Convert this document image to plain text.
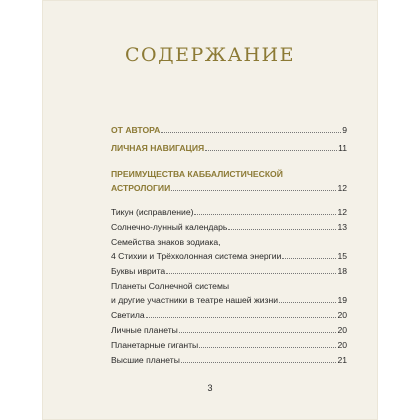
СОДЕРЖАНИЕ
ОТ АВТОРА	9
ЛИЧНАЯ НАВИГАЦИЯ	11
ПРЕИМУЩЕСТВА КАББАЛИСТИЧЕСКОЙ
АСТРОЛОГИИ	12
Тикун (исправление)	12
Солнечно-лунный календарь	13
Семейства знаков зодиака,
4 Стихии и Трёхколонная система энергии	15
Буквы иврита	18
Планеты Солнечной системы
и другие участники в театре нашей жизни	19
Светила	20
Личные планеты	20
Планетарные гиганты	20
Высшие планеты	21
3
